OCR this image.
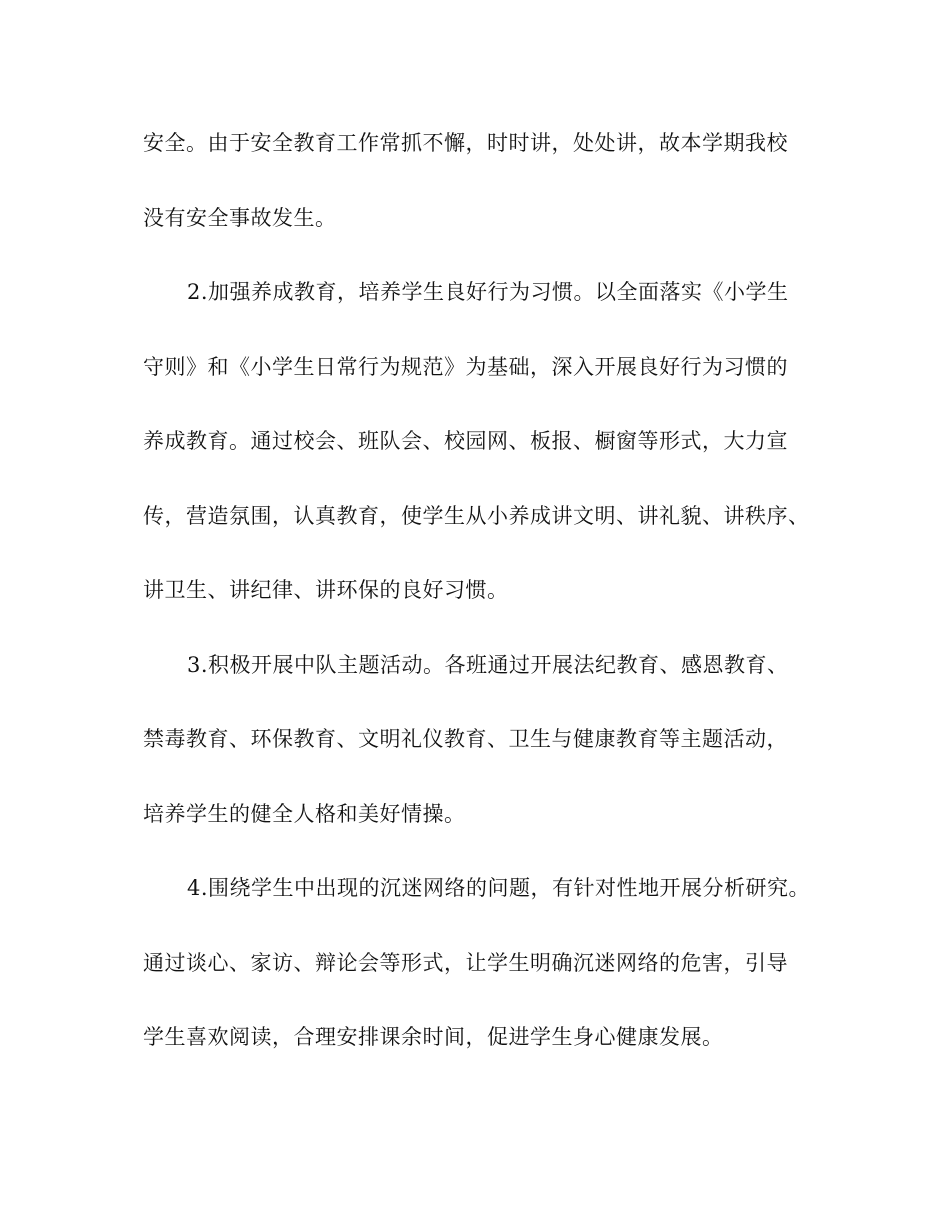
安全。由于安全教育工作常抓不懈，时时讲，处处讲，故本学期我校
没有安全事故发生。
2.加强养成教育，培养学生良好行为习惯。以全面落实《小学生
守则》和《小学生日常行为规范》为基础，深入开展良好行为习惯的
养成教育。通过校会、班队会、校园网、板报、橱窗等形式，大力宣
传，营造氛围，认真教育，使学生从小养成讲文明、讲礼貌、讲秩序、
讲卫生、讲纪律、讲环保的良好习惯。
3.积极开展中队主题活动。各班通过开展法纪教育、感恩教育、
禁毒教育、环保教育、文明礼仪教育、卫生与健康教育等主题活动，
培养学生的健全人格和美好情操。
4.围绕学生中出现的沉迷网络的问题，有针对性地开展分析研究。
通过谈心、家访、辩论会等形式，让学生明确沉迷网络的危害，引导
学生喜欢阅读，合理安排课余时间，促进学生身心健康发展。
